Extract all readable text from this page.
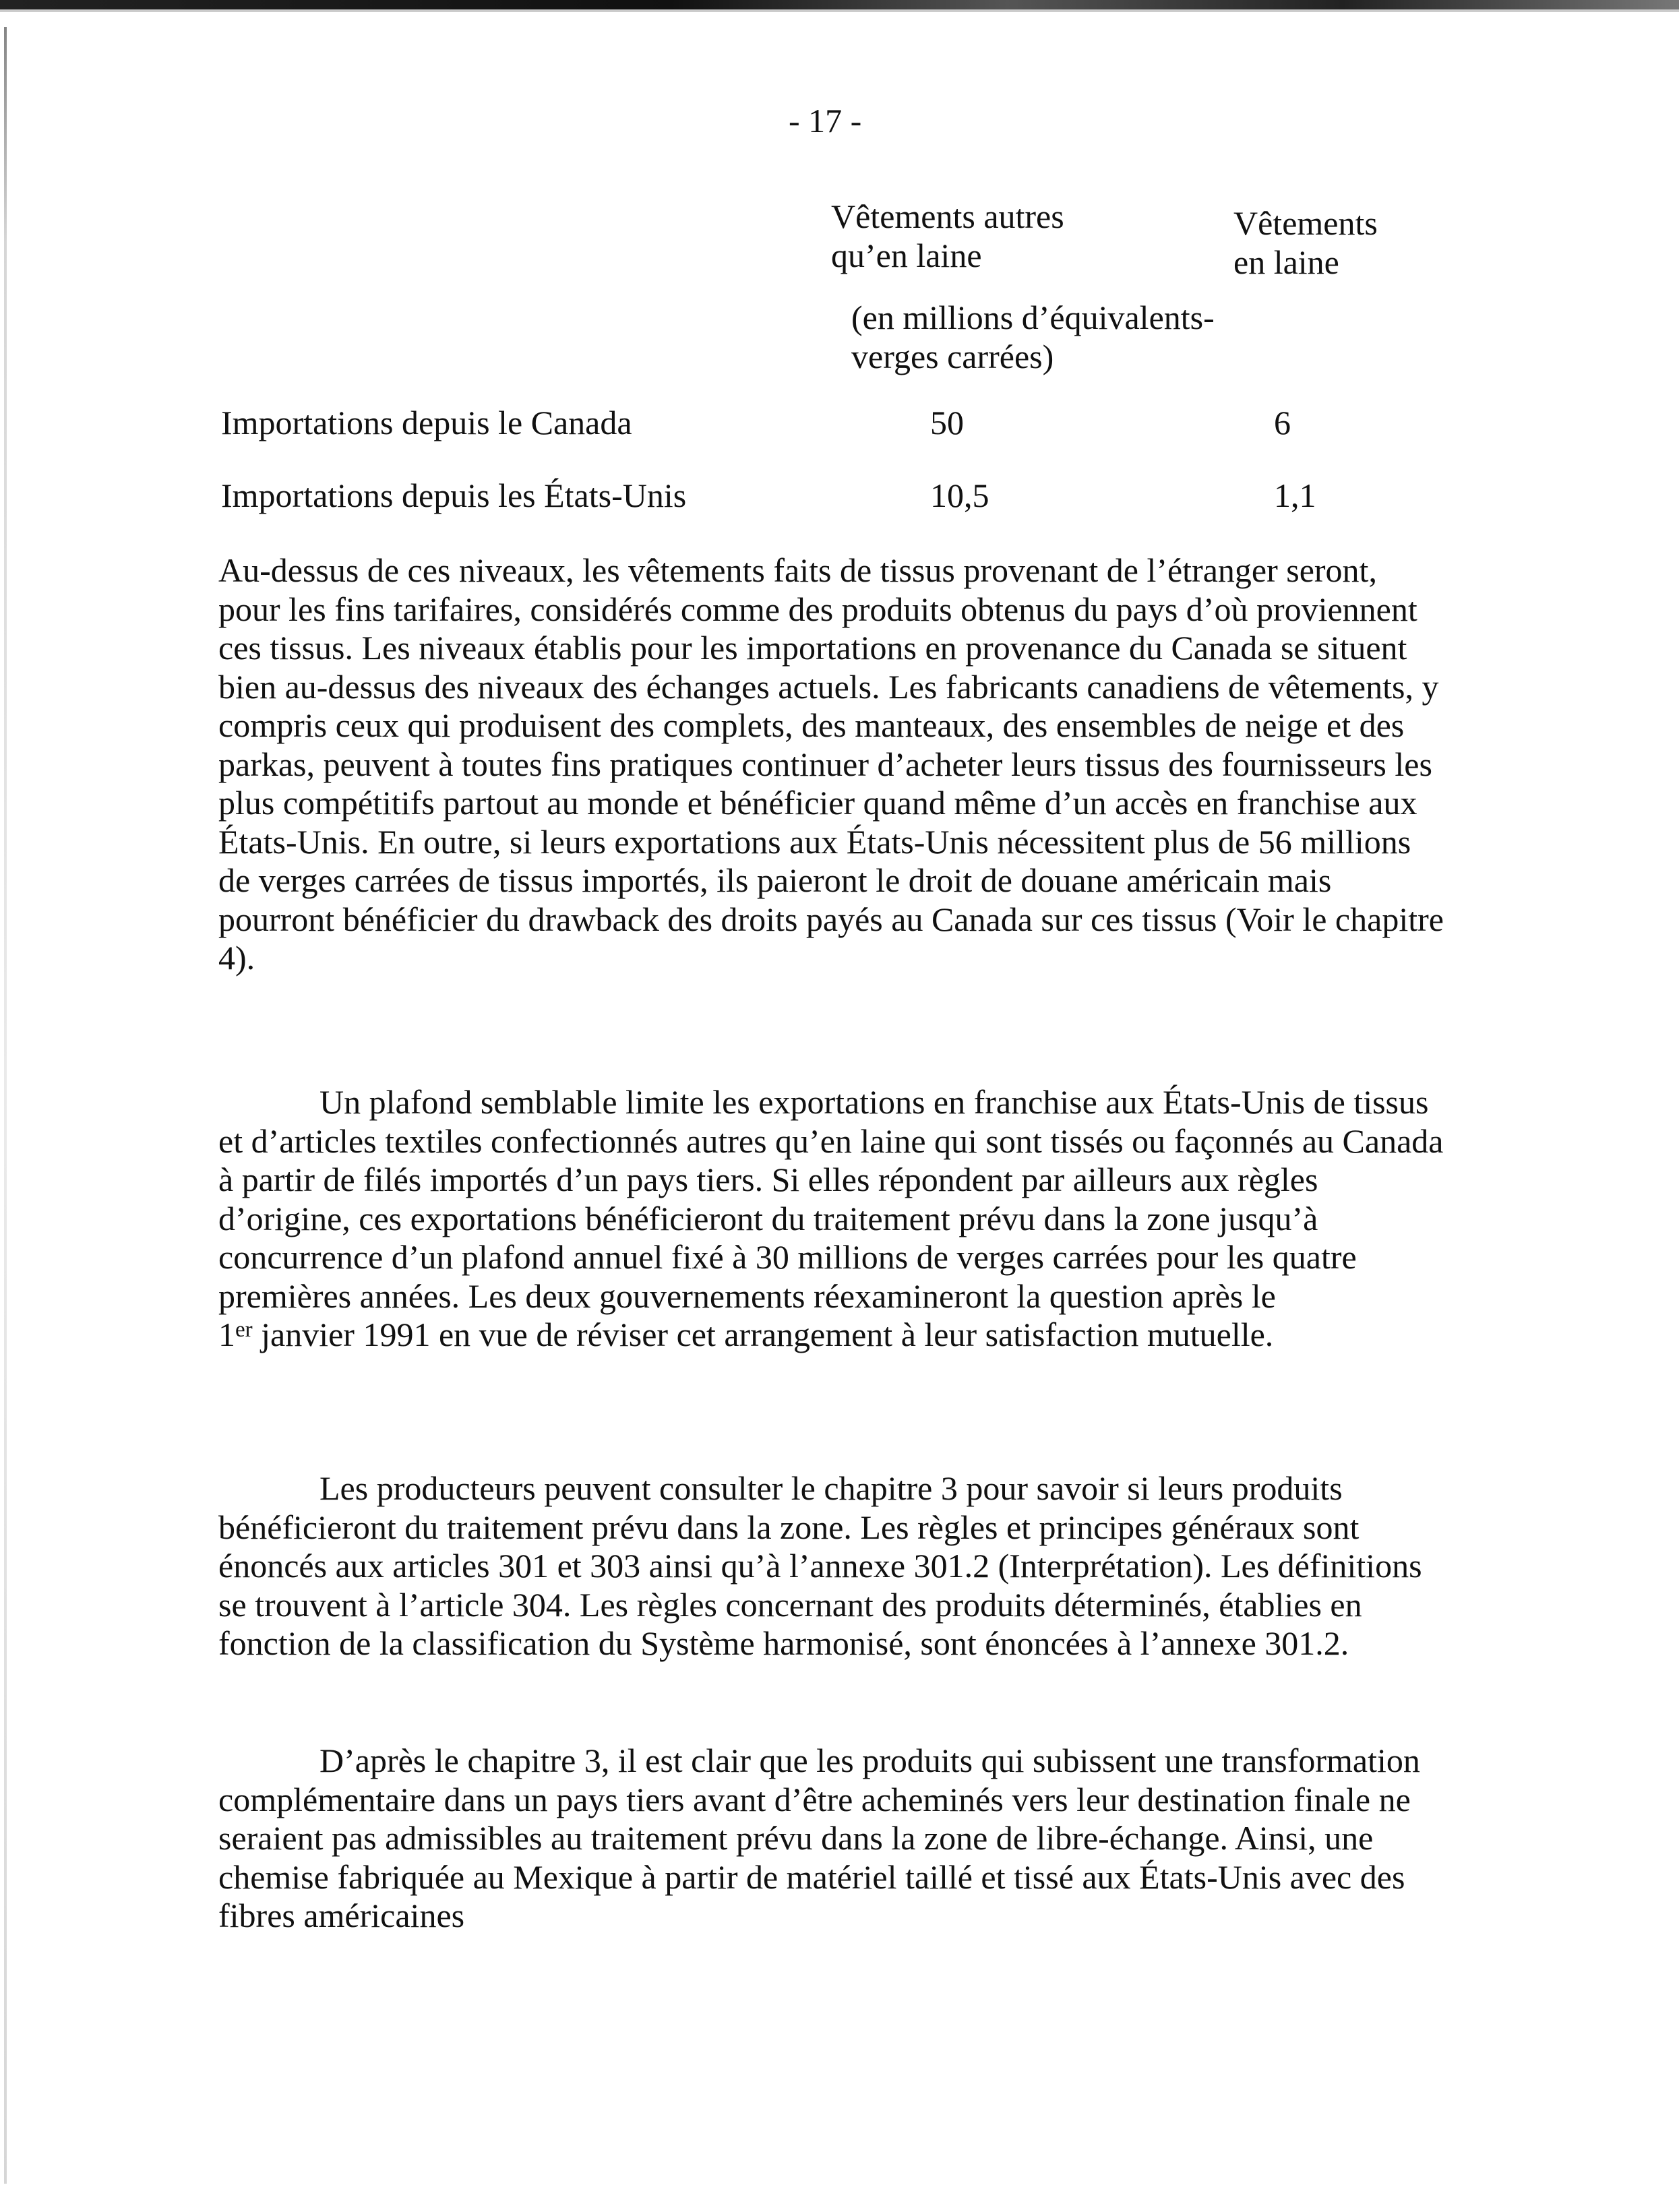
- 17 -
Vêtements autres
qu’en laine
Vêtements
en laine
(en millions d’équivalents-
verges carrées)
Importations depuis le Canada	50	6
Importations depuis les États-Unis	10,5	1,1

Au-dessus de ces niveaux, les vêtements faits de tissus provenant de l’étranger seront, pour les fins tarifaires, considérés comme des produits obtenus du pays d’où proviennent ces tissus. Les niveaux établis pour les importations en provenance du Canada se situent bien au-dessus des niveaux des échanges actuels. Les fabricants canadiens de vêtements, y compris ceux qui produisent des complets, des manteaux, des ensembles de neige et des parkas, peuvent à toutes fins pratiques continuer d’acheter leurs tissus des fournisseurs les plus compétitifs partout au monde et bénéficier quand même d’un accès en franchise aux États-Unis. En outre, si leurs exportations aux États-Unis nécessitent plus de 56 millions de verges carrées de tissus importés, ils paieront le droit de douane américain mais pourront bénéficier du drawback des droits payés au Canada sur ces tissus (Voir le chapitre 4).

Un plafond semblable limite les exportations en franchise aux États-Unis de tissus et d’articles textiles confectionnés autres qu’en laine qui sont tissés ou façonnés au Canada à partir de filés importés d’un pays tiers. Si elles répondent par ailleurs aux règles d’origine, ces exportations bénéficieront du traitement prévu dans la zone jusqu’à concurrence d’un plafond annuel fixé à 30 millions de verges carrées pour les quatre premières années. Les deux gouvernements réexamineront la question après le
1er janvier 1991 en vue de réviser cet arrangement à leur satisfaction mutuelle.

Les producteurs peuvent consulter le chapitre 3 pour savoir si leurs produits bénéficieront du traitement prévu dans la zone. Les règles et principes généraux sont énoncés aux articles 301 et 303 ainsi qu’à l’annexe 301.2 (Interprétation). Les définitions se trouvent à l’article 304. Les règles concernant des produits déterminés, établies en fonction de la classification du Système harmonisé, sont énoncées à l’annexe 301.2.

D’après le chapitre 3, il est clair que les produits qui subissent une transformation complémentaire dans un pays tiers avant d’être acheminés vers leur destination finale ne seraient pas admissibles au traitement prévu dans la zone de libre-échange. Ainsi, une chemise fabriquée au Mexique à partir de matériel taillé et tissé aux États-Unis avec des fibres américaines
